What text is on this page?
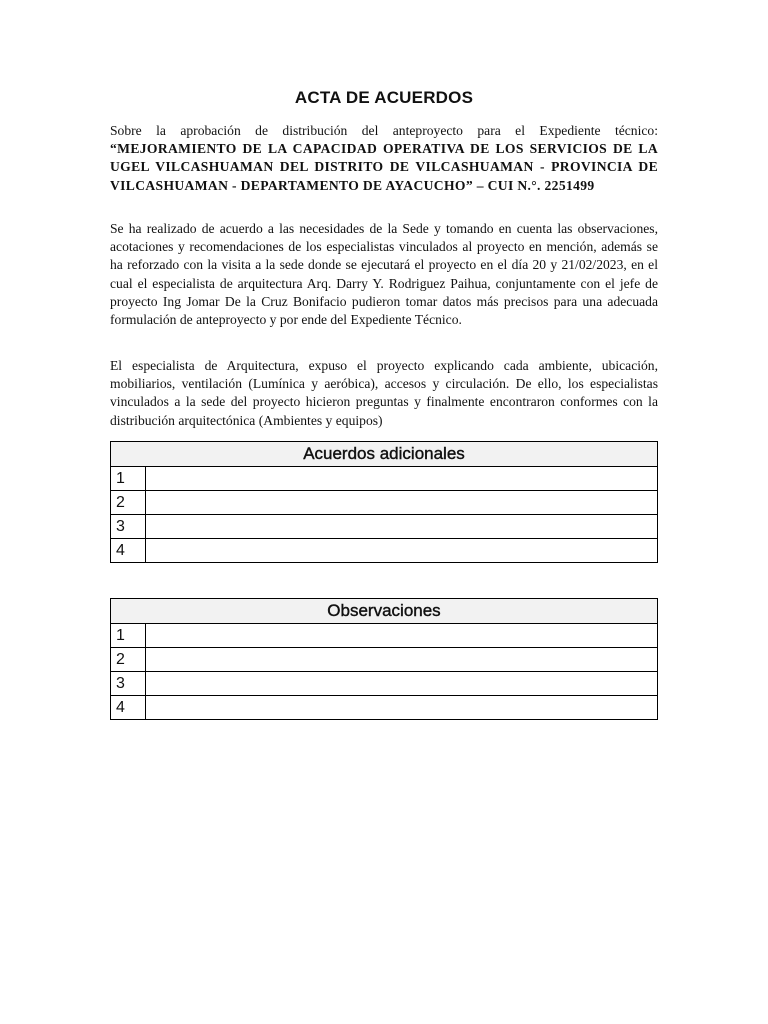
ACTA DE ACUERDOS

Sobre la aprobación de distribución del anteproyecto para el Expediente técnico: “MEJORAMIENTO DE LA CAPACIDAD OPERATIVA DE LOS SERVICIOS DE LA UGEL VILCASHUAMAN DEL DISTRITO DE VILCASHUAMAN - PROVINCIA DE VILCASHUAMAN - DEPARTAMENTO DE AYACUCHO” – CUI N.°. 2251499

Se ha realizado de acuerdo a las necesidades de la Sede y tomando en cuenta las observaciones, acotaciones y recomendaciones de los especialistas vinculados al proyecto en mención, además se ha reforzado con la visita a la sede donde se ejecutará el proyecto en el día 20 y 21/02/2023, en el cual el especialista de arquitectura Arq. Darry Y. Rodriguez Paihua, conjuntamente con el jefe de proyecto Ing Jomar De la Cruz Bonifacio pudieron tomar datos más precisos para una adecuada formulación de anteproyecto y por ende del Expediente Técnico.

El especialista de Arquitectura, expuso el proyecto explicando cada ambiente, ubicación, mobiliarios, ventilación (Lumínica y aeróbica), accesos y circulación. De ello, los especialistas vinculados a la sede del proyecto hicieron preguntas y finalmente encontraron conformes con la distribución arquitectónica (Ambientes y equipos)

Acuerdos adicionales	
1	
2	
3	
4	
Observaciones	
1	
2	
3	
4	
